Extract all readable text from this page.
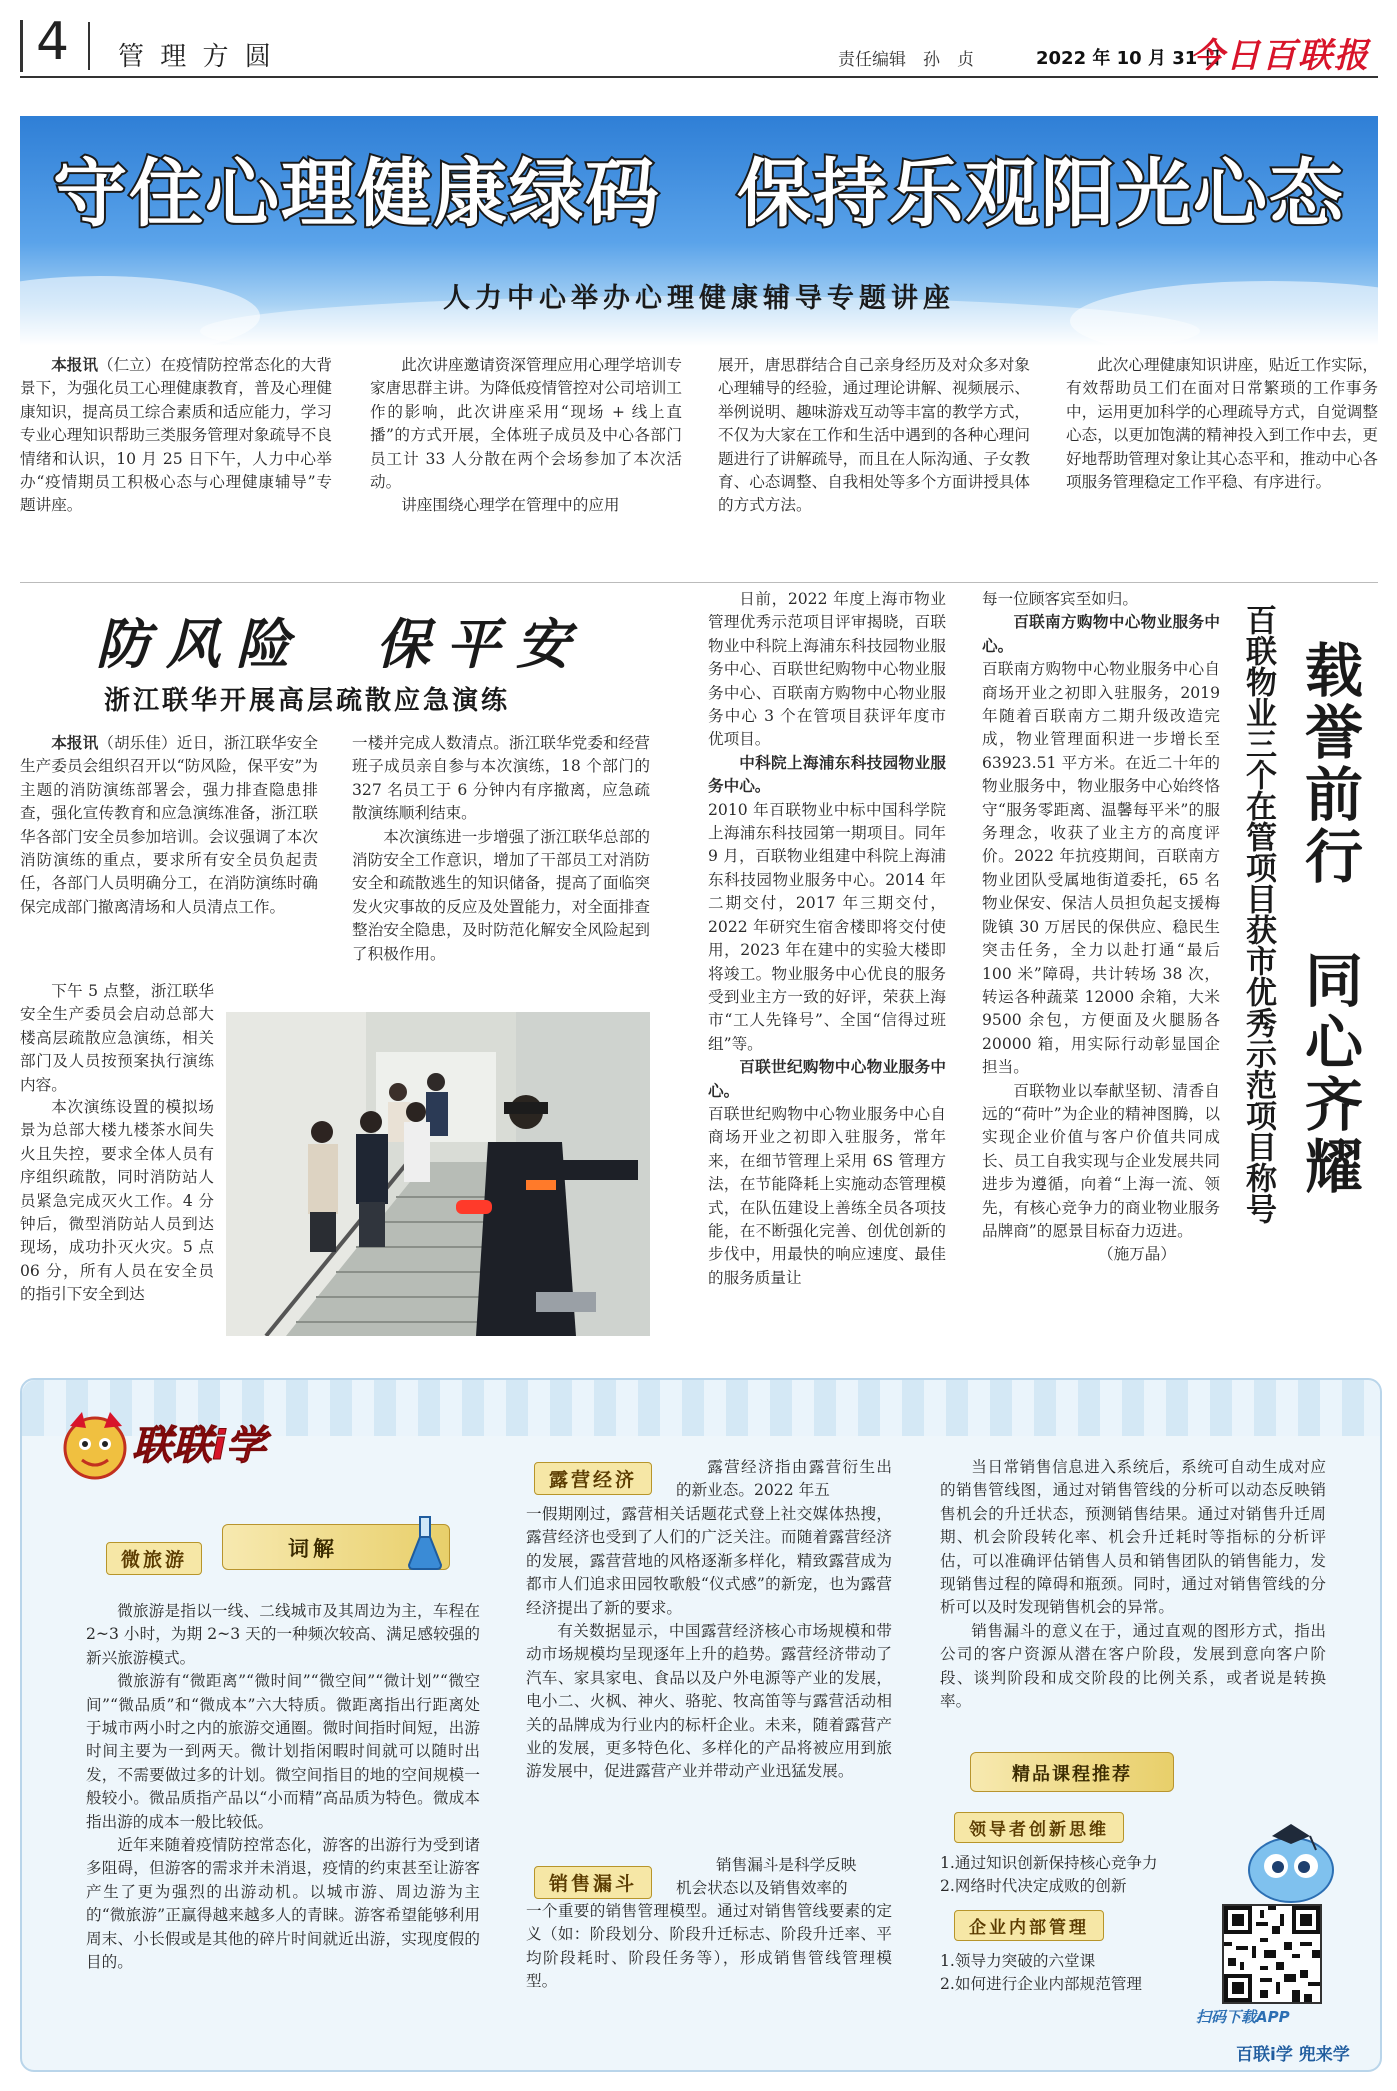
4 管 理 方 圆	责任编辑　孙　贞	2022 年 10 月 31 日
今日百联报
守住心理健康绿码　保持乐观阳光心态
人力中心举办心理健康辅导专题讲座

本报讯（仁立）在疫情防控常态化的大背景下，为强化员工心理健康教育，普及心理健康知识，提高员工综合素质和适应能力，学习专业心理知识帮助三类服务管理对象疏导不良情绪和认识，10 月 25 日下午，人力中心举办“疫情期员工积极心态与心理健康辅导”专题讲座。

此次讲座邀请资深管理应用心理学培训专家唐思群主讲。为降低疫情管控对公司培训工作的影响，此次讲座采用“现场 + 线上直播”的方式开展，全体班子成员及中心各部门员工计 33 人分散在两个会场参加了本次活动。

讲座围绕心理学在管理中的应用

展开，唐思群结合自己亲身经历及对众多对象心理辅导的经验，通过理论讲解、视频展示、举例说明、趣味游戏互动等丰富的教学方式，不仅为大家在工作和生活中遇到的各种心理问题进行了讲解疏导，而且在人际沟通、子女教育、心态调整、自我相处等多个方面讲授具体的方式方法。

此次心理健康知识讲座，贴近工作实际，有效帮助员工们在面对日常繁琐的工作事务中，运用更加科学的心理疏导方式，自觉调整心态，以更加饱满的精神投入到工作中去，更好地帮助管理对象让其心态平和，推动中心各项服务管理稳定工作平稳、有序进行。

防风险　保平安
浙江联华开展高层疏散应急演练

本报讯（胡乐佳）近日，浙江联华安全生产委员会组织召开以“防风险，保平安”为主题的消防演练部署会，强力排查隐患排查，强化宣传教育和应急演练准备，浙江联华各部门安全员参加培训。会议强调了本次消防演练的重点，要求所有安全员负起责任，各部门人员明确分工，在消防演练时确保完成部门撤离清场和人员清点工作。

下午 5 点整，浙江联华安全生产委员会启动总部大楼高层疏散应急演练，相关部门及人员按预案执行演练内容。

本次演练设置的模拟场景为总部大楼九楼茶水间失火且失控，要求全体人员有序组织疏散，同时消防站人员紧急完成灭火工作。4 分钟后，微型消防站人员到达现场，成功扑灭火灾。5 点 06 分，所有人员在安全员的指引下安全到达

一楼并完成人数清点。浙江联华党委和经营班子成员亲自参与本次演练，18 个部门的 327 名员工于 6 分钟内有序撤离，应急疏散演练顺利结束。

本次演练进一步增强了浙江联华总部的消防安全工作意识，增加了干部员工对消防安全和疏散逃生的知识储备，提高了面临突发火灾事故的反应及处置能力，对全面排查整治安全隐患，及时防范化解安全风险起到了积极作用。

日前，2022 年度上海市物业管理优秀示范项目评审揭晓，百联物业中科院上海浦东科技园物业服务中心、百联世纪购物中心物业服务中心、百联南方购物中心物业服务中心 3 个在管项目获评年度市优项目。

中科院上海浦东科技园物业服务中心。

2010 年百联物业中标中国科学院上海浦东科技园第一期项目。同年 9 月，百联物业组建中科院上海浦东科技园物业服务中心。2014 年二期交付，2017 年三期交付，2022 年研究生宿舍楼即将交付使用，2023 年在建中的实验大楼即将竣工。物业服务中心优良的服务受到业主方一致的好评，荣获上海市“工人先锋号”、全国“信得过班组”等。

百联世纪购物中心物业服务中心。

百联世纪购物中心物业服务中心自商场开业之初即入驻服务，常年来，在细节管理上采用 6S 管理方法，在节能降耗上实施动态管理模式，在队伍建设上善练全员各项技能，在不断强化完善、创优创新的步伐中，用最快的响应速度、最佳的服务质量让

每一位顾客宾至如归。

百联南方购物中心物业服务中心。

百联南方购物中心物业服务中心自商场开业之初即入驻服务，2019 年随着百联南方二期升级改造完成，物业管理面积进一步增长至 63923.51 平方米。在近二十年的物业服务中，物业服务中心始终恪守“服务零距离、温馨每平米”的服务理念，收获了业主方的高度评价。2022 年抗疫期间，百联南方物业团队受属地街道委托，65 名物业保安、保洁人员担负起支援梅陇镇 30 万居民的保供应、稳民生突击任务，全力以赴打通“最后 100 米”障碍，共计转场 38 次，转运各种蔬菜 12000 余箱，大米 9500 余包，方便面及火腿肠各 20000 箱，用实际行动彰显国企担当。

百联物业以奉献坚韧、清香自远的“荷叶”为企业的精神图腾，以实现企业价值与客户价值共同成长、员工自我实现与企业发展共同进步为遵循，向着“上海一流、领先，有核心竞争力的商业物业服务品牌商”的愿景目标奋力迈进。

（施万晶）
百联物业三个在管项目获市优秀示范项目称号 载誉前行　同心齐耀
联联i学
词解
微旅游

微旅游是指以一线、二线城市及其周边为主，车程在 2~3 小时，为期 2~3 天的一种频次较高、满足感较强的新兴旅游模式。

微旅游有“微距离”“微时间”“微空间”“微计划”“微空间”“微品质”和“微成本”六大特质。微距离指出行距离处于城市两小时之内的旅游交通圈。微时间指时间短，出游时间主要为一到两天。微计划指闲暇时间就可以随时出发，不需要做过多的计划。微空间指目的地的空间规模一般较小。微品质指产品以“小而精”高品质为特色。微成本指出游的成本一般比较低。

近年来随着疫情防控常态化，游客的出游行为受到诸多阻碍，但游客的需求并未消退，疫情的约束甚至让游客产生了更为强烈的出游动机。以城市游、周边游为主的“微旅游”正赢得越来越多人的青睐。游客希望能够利用周末、小长假或是其他的碎片时间就近出游，实现度假的目的。

露营经济

露营经济指由露营衍生出的新业态。2022 年五

一假期刚过，露营相关话题花式登上社交媒体热搜，露营经济也受到了人们的广泛关注。而随着露营经济的发展，露营营地的风格逐渐多样化，精致露营成为都市人们追求田园牧歌般“仪式感”的新宠，也为露营经济提出了新的要求。

有关数据显示，中国露营经济核心市场规模和带动市场规模均呈现逐年上升的趋势。露营经济带动了汽车、家具家电、食品以及户外电源等产业的发展，电小二、火枫、神火、骆驼、牧高笛等与露营活动相关的品牌成为行业内的标杆企业。未来，随着露营产业的发展，更多特色化、多样化的产品将被应用到旅游发展中，促进露营产业并带动产业迅猛发展。

销售漏斗

销售漏斗是科学反映

机会状态以及销售效率的

一个重要的销售管理模型。通过对销售管线要素的定义（如：阶段划分、阶段升迁标志、阶段升迁率、平均阶段耗时、阶段任务等），形成销售管线管理模型。

当日常销售信息进入系统后，系统可自动生成对应的销售管线图，通过对销售管线的分析可以动态反映销售机会的升迁状态，预测销售结果。通过对销售升迁周期、机会阶段转化率、机会升迁耗时等指标的分析评估，可以准确评估销售人员和销售团队的销售能力，发现销售过程的障碍和瓶颈。同时，通过对销售管线的分析可以及时发现销售机会的异常。

销售漏斗的意义在于，通过直观的图形方式，指出公司的客户资源从潜在客户阶段，发展到意向客户阶段、谈判阶段和成交阶段的比例关系，或者说是转换率。

精品课程推荐
领导者创新思维
1.通过知识创新保持核心竞争力
2.网络时代决定成败的创新
企业内部管理
1.领导力突破的六堂课
2.如何进行企业内部规范管理
扫码下载APP
百联i学 兜来学
